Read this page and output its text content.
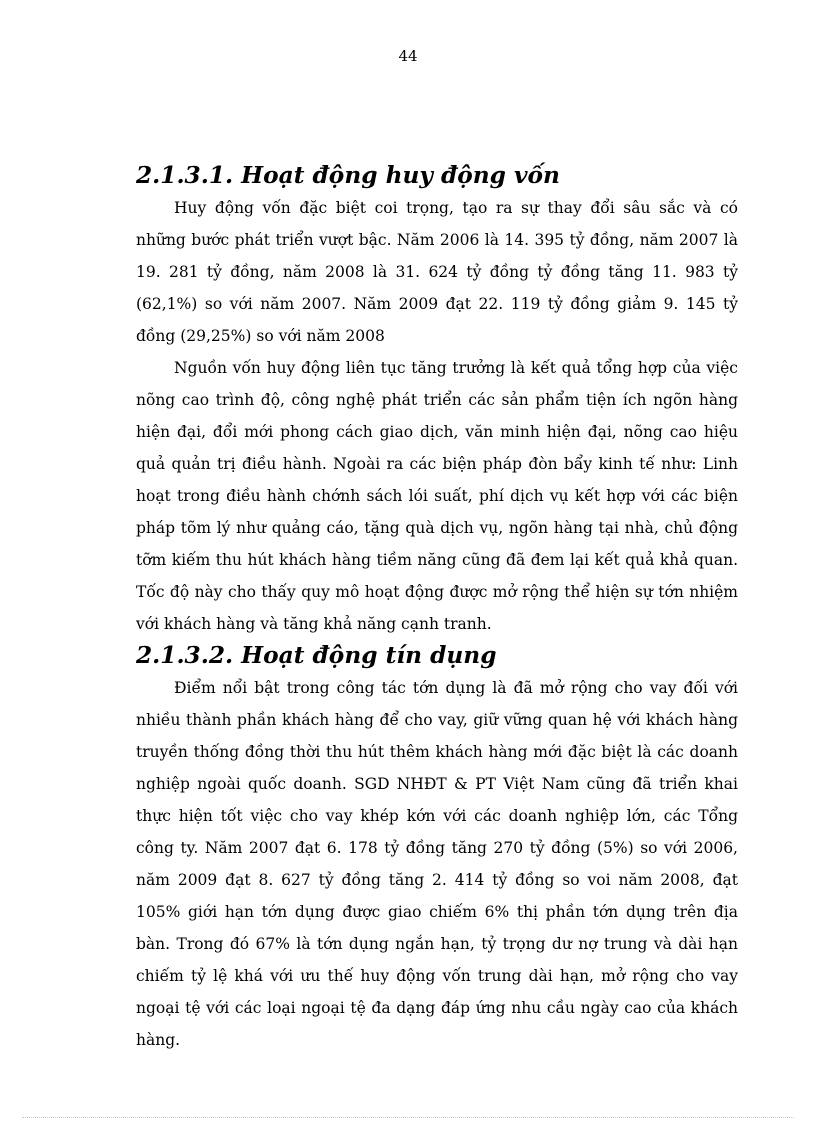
44
2.1.3.1. Hoạt động huy động vốn

Huy động vốn đặc biệt coi trọng, tạo ra sự thay đổi sâu sắc và có những bước phát triển vượt bậc. Năm 2006 là 14. 395 tỷ đồng, năm 2007 là 19. 281 tỷ đồng, năm 2008 là 31. 624 tỷ đồng tỷ đồng tăng 11. 983 tỷ (62,1%) so với năm 2007. Năm 2009 đạt 22. 119 tỷ đồng giảm 9. 145 tỷ đồng (29,25%) so với năm 2008

Nguồn vốn huy động liên tục tăng trưởng là kết quả tổng hợp của việc nõng cao trình độ, công nghệ phát triển các sản phẩm tiện ích ngõn hàng hiện đại, đổi mới phong cách giao dịch, văn minh hiện đại, nõng cao hiệu quả quản trị điều hành. Ngoài ra các biện pháp đòn bẩy kinh tế như: Linh hoạt trong điều hành chớnh sách lói suất, phí dịch vụ kết hợp với các biện pháp tõm lý như quảng cáo, tặng quà dịch vụ, ngõn hàng tại nhà, chủ động tỡm kiếm thu hút khách hàng tiềm năng cũng đã đem lại kết quả khả quan. Tốc độ này cho thấy quy mô hoạt động được mở rộng thể hiện sự tớn nhiệm với khách hàng và tăng khả năng cạnh tranh.

2.1.3.2. Hoạt động tín dụng

Điểm nổi bật trong công tác tớn dụng là đã mở rộng cho vay đối với nhiều thành phần khách hàng để cho vay, giữ vững quan hệ với khách hàng truyền thống đồng thời thu hút thêm khách hàng mới đặc biệt là các doanh nghiệp ngoài quốc doanh. SGD NHĐT & PT Việt Nam cũng đã triển khai thực hiện tốt việc cho vay khép kớn với các doanh nghiệp lớn, các Tổng công ty. Năm 2007 đạt 6. 178 tỷ đồng tăng 270 tỷ đồng (5%) so với 2006, năm 2009 đạt 8. 627 tỷ đồng tăng 2. 414 tỷ đồng so voi năm 2008, đạt 105% giới hạn tớn dụng được giao chiếm 6% thị phần tớn dụng trên địa bàn. Trong đó 67% là tớn dụng ngắn hạn, tỷ trọng dư nợ trung và dài hạn chiếm tỷ lệ khá với ưu thế huy động vốn trung dài hạn, mở rộng cho vay ngoại tệ với các loại ngoại tệ đa dạng đáp ứng nhu cầu ngày cao của khách hàng.
